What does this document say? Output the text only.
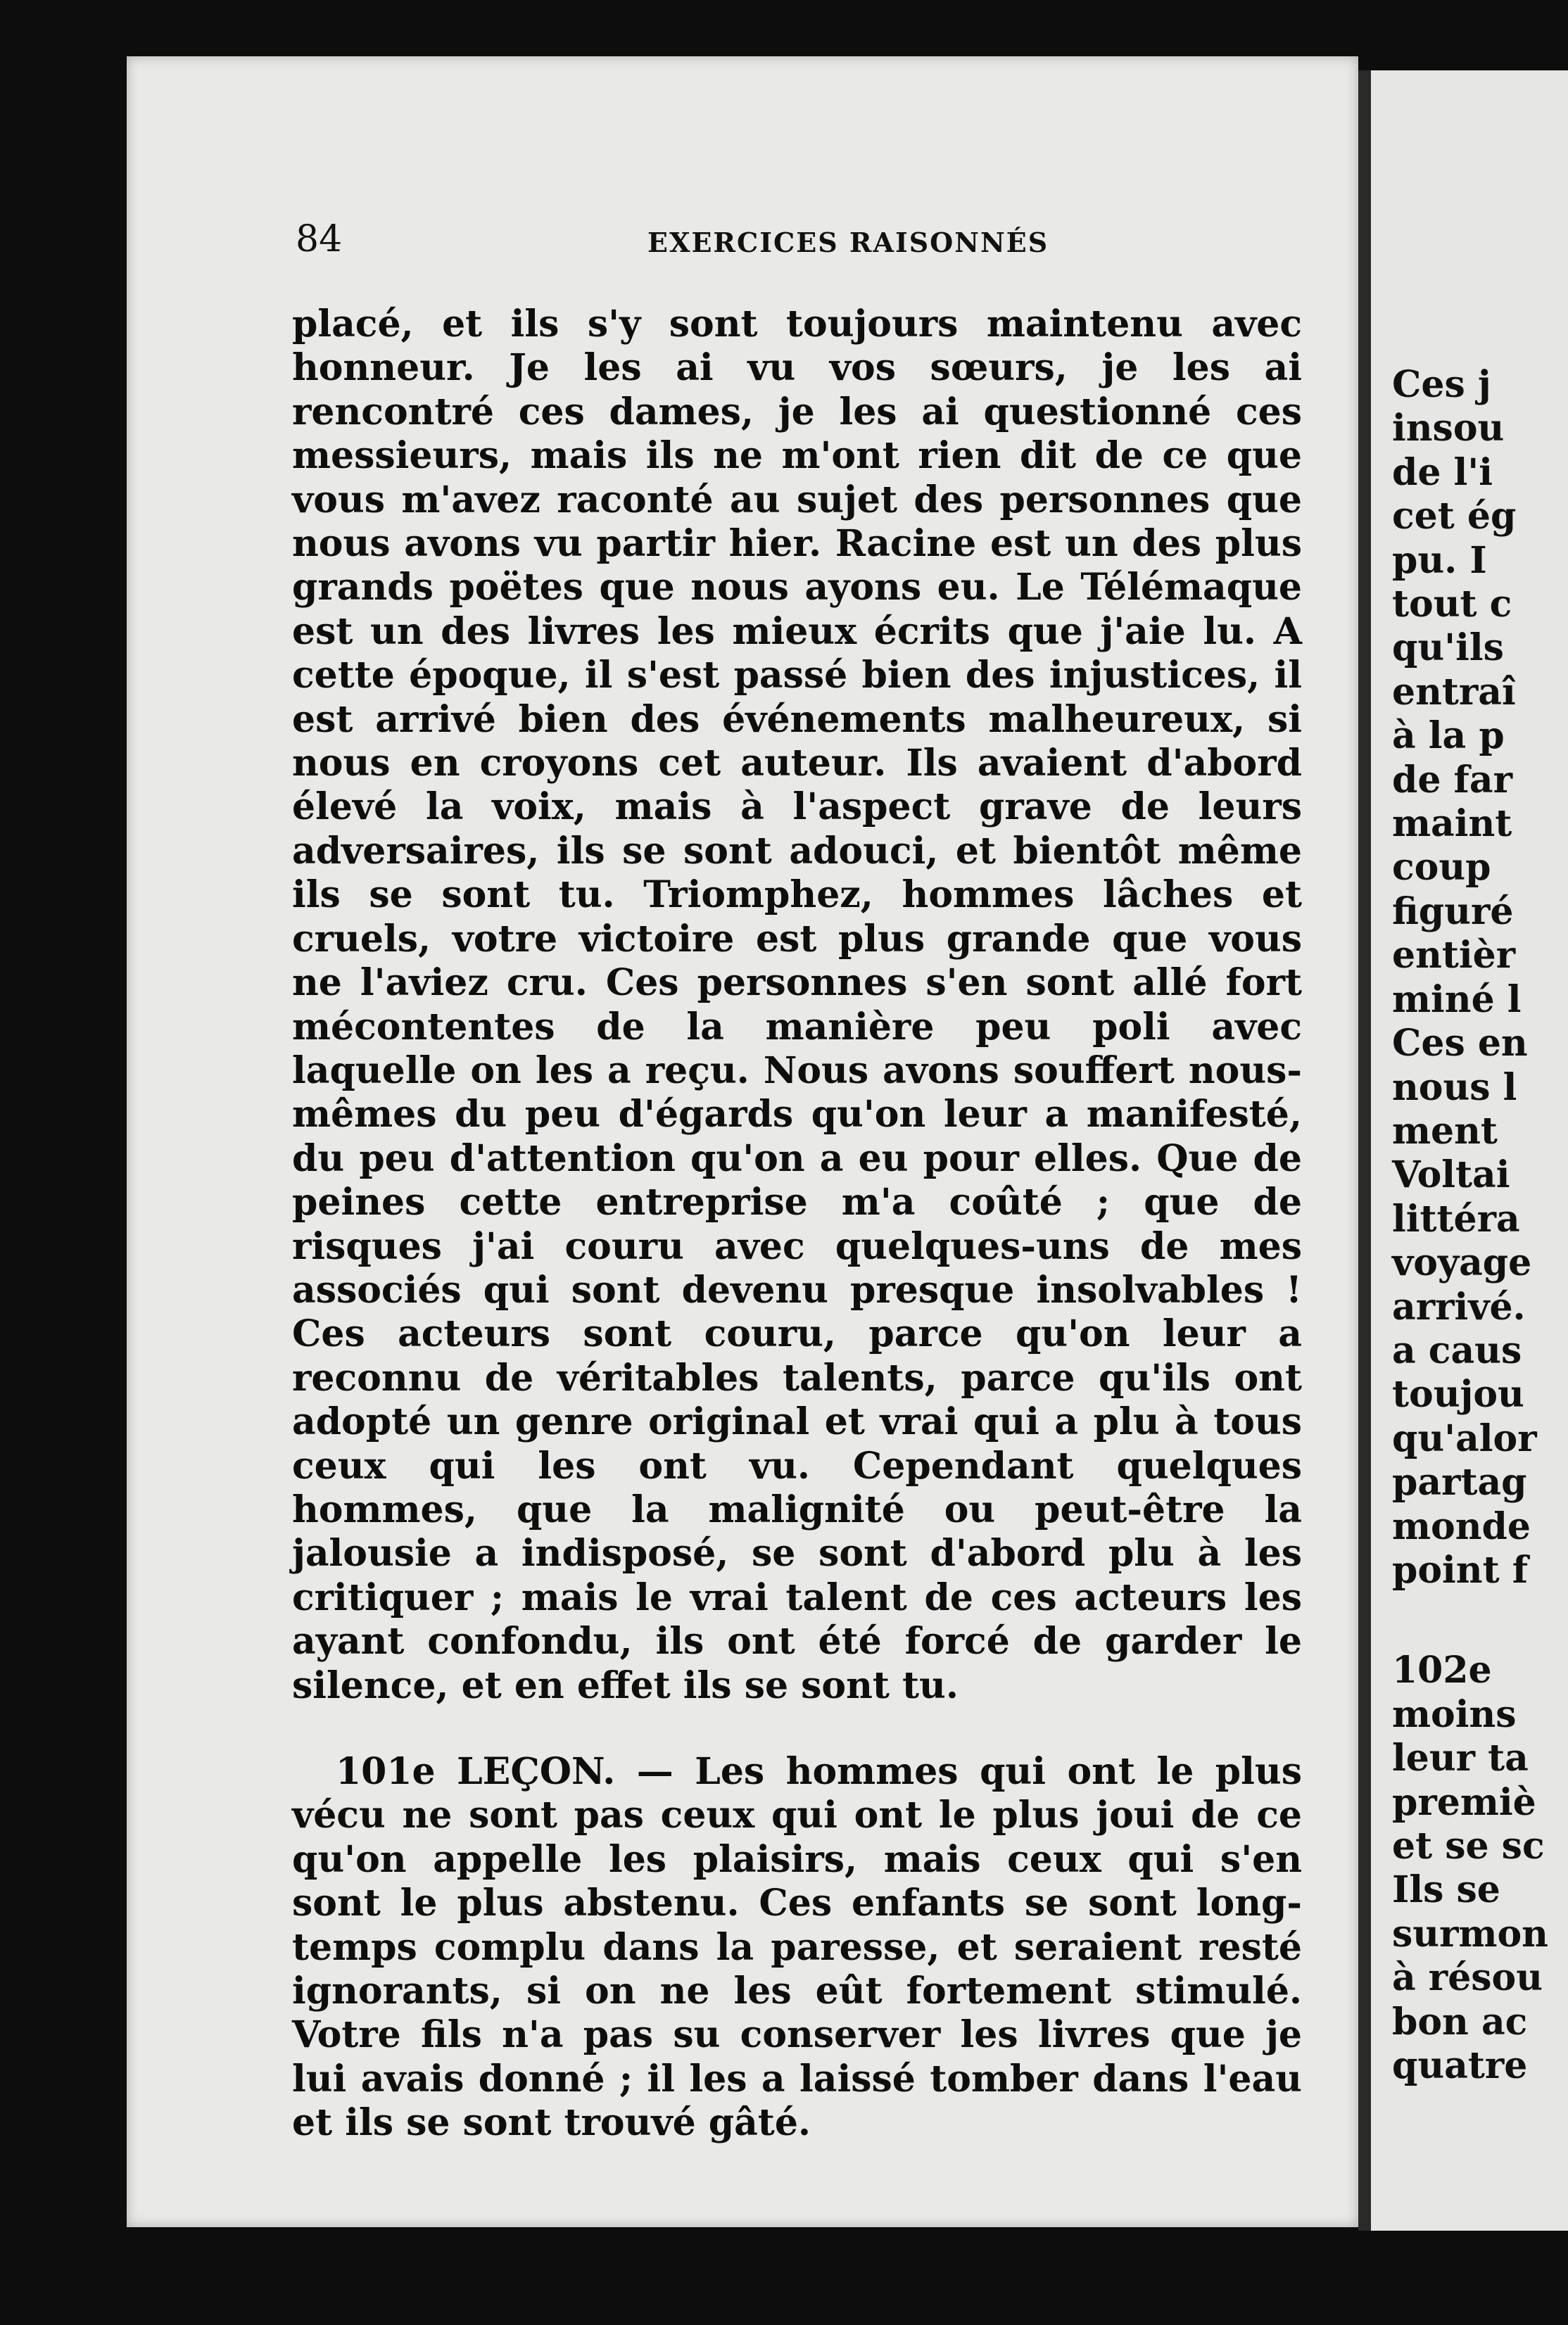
Ces j
insou
de l'i
cet ég
pu. I
tout c
qu'ils
entraî
à la p
de far
maint
coup
figuré
entièr
miné l
Ces en
nous l
ment
Voltai
littéra
voyage
arrivé.
a caus
toujou
qu'alor
partag
monde
point f
102e
moins
leur ta
premiè
et se sc
Ils se
surmon
à résou
bon ac
quatre
84	EXERCICES RAISONNÉS

placé, et ils s'y sont toujours maintenu avec honneur. Je les ai vu vos sœurs, je les ai rencontré ces dames, je les ai questionné ces messieurs, mais ils ne m'ont rien dit de ce que vous m'avez raconté au sujet des personnes que nous avons vu partir hier. Racine est un des plus grands poëtes que nous ayons eu. Le Télémaque est un des livres les mieux écrits que j'aie lu. A cette époque, il s'est passé bien des injustices, il est arrivé bien des événements malheureux, si nous en croyons cet auteur. Ils avaient d'abord élevé la voix, mais à l'aspect grave de leurs adversaires, ils se sont adouci, et bientôt même ils se sont tu. Triomphez, hommes lâches et cruels, votre victoire est plus grande que vous ne l'aviez cru. Ces personnes s'en sont allé fort mécontentes de la manière peu poli avec laquelle on les a reçu. Nous avons souffert nous-mêmes du peu d'égards qu'on leur a manifesté, du peu d'attention qu'on a eu pour elles. Que de peines cette entreprise m'a coûté ; que de risques j'ai couru avec quelques-uns de mes associés qui sont devenu presque insolvables ! Ces acteurs sont couru, parce qu'on leur a reconnu de véritables talents, parce qu'ils ont adopté un genre original et vrai qui a plu à tous ceux qui les ont vu. Cependant quelques hommes, que la malignité ou peut-être la jalousie a indisposé, se sont d'abord plu à les critiquer ; mais le vrai talent de ces acteurs les ayant confondu, ils ont été forcé de garder le silence, et en effet ils se sont tu.

101e LEÇON. — Les hommes qui ont le plus vécu ne sont pas ceux qui ont le plus joui de ce qu'on appelle les plaisirs, mais ceux qui s'en sont le plus abstenu. Ces enfants se sont long-temps complu dans la paresse, et seraient resté ignorants, si on ne les eût fortement stimulé. Votre fils n'a pas su conserver les livres que je lui avais donné ; il les a laissé tomber dans l'eau et ils se sont trouvé gâté.
